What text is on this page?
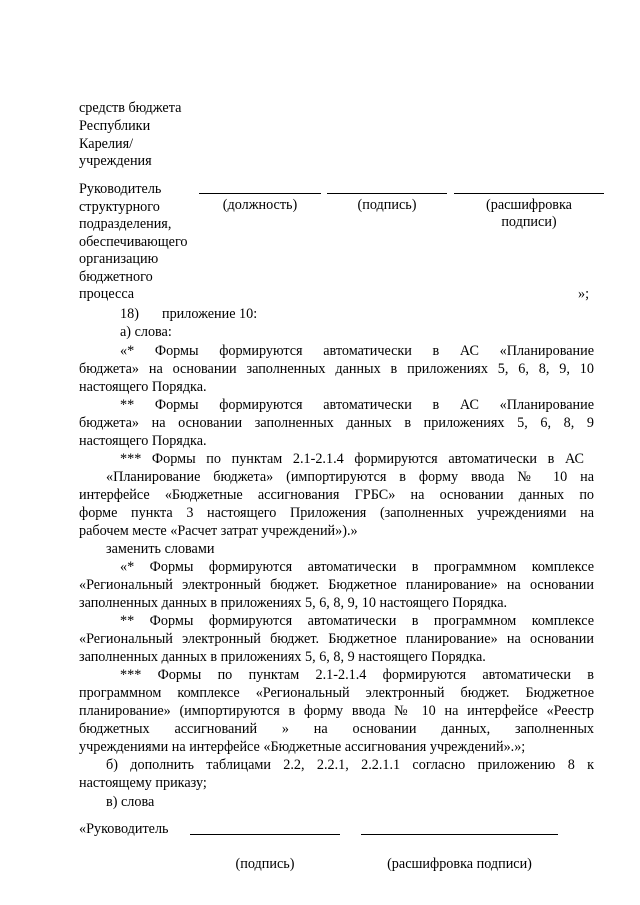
средств бюджета
Республики
Карелия/
учреждения
Руководитель
структурного
подразделения,
обеспечивающего
организацию
бюджетного
процесса
(должность)	(подпись)	(расшифровка
подписи)
»;
18) приложение 10:
а) слова:
«* Формы формируются автоматически в АС «Планирование
бюджета» на основании заполненных данных в приложениях 5, 6, 8, 9, 10
настоящего Порядка.
** Формы формируются автоматически в АС «Планирование
бюджета» на основании заполненных данных в приложениях 5, 6, 8, 9
настоящего Порядка.
*** Формы по пунктам 2.1-2.1.4 формируются автоматически в АС
«Планирование бюджета» (импортируются в форму ввода № 10 на
интерфейсе «Бюджетные ассигнования ГРБС» на основании данных по
форме пункта 3 настоящего Приложения (заполненных учреждениями на
рабочем месте «Расчет затрат учреждений»).»
заменить словами
«* Формы формируются автоматически в программном комплексе
«Региональный электронный бюджет. Бюджетное планирование» на основании
заполненных данных в приложениях 5, 6, 8, 9, 10 настоящего Порядка.
** Формы формируются автоматически в программном комплексе
«Региональный электронный бюджет. Бюджетное планирование» на основании
заполненных данных в приложениях 5, 6, 8, 9 настоящего Порядка.
*** Формы по пунктам 2.1-2.1.4 формируются автоматически в
программном комплексе «Региональный электронный бюджет. Бюджетное
планирование» (импортируются в форму ввода № 10 на интерфейсе «Реестр
бюджетных ассигнований » на основании данных, заполненных
учреждениями на интерфейсе «Бюджетные ассигнования учреждений».»;
б) дополнить таблицами 2.2, 2.2.1, 2.2.1.1 согласно приложению 8 к
настоящему приказу;
в) слова
«Руководитель
(подпись)	(расшифровка подписи)
